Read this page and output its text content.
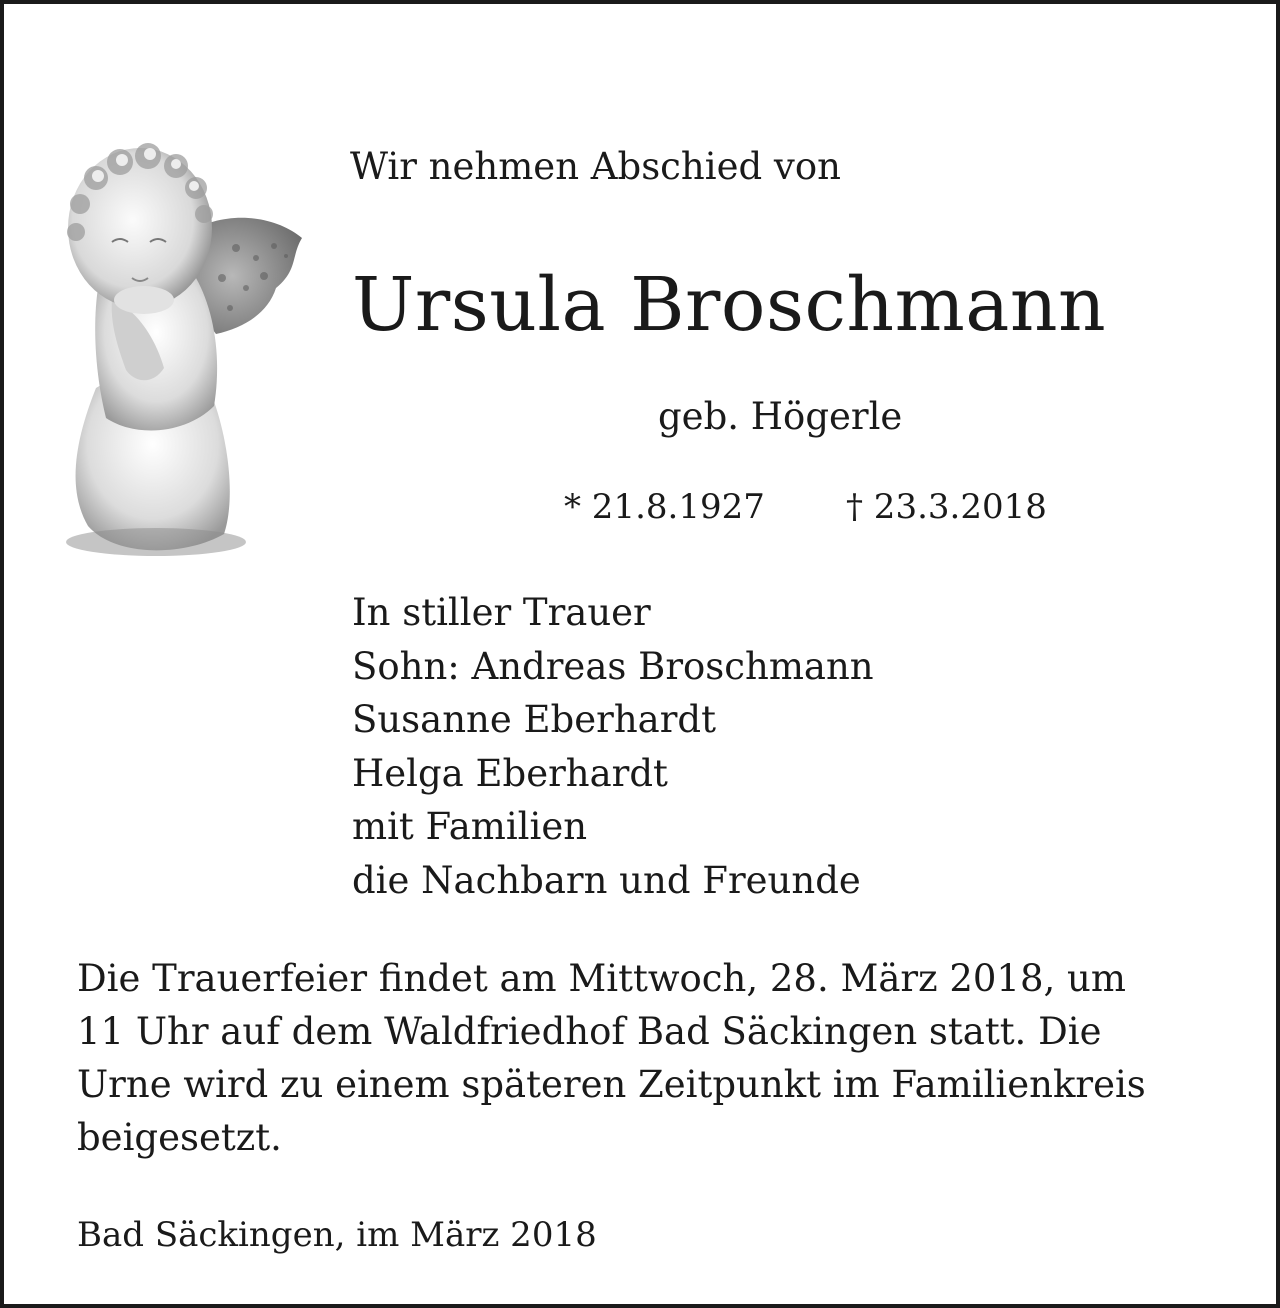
Wir nehmen Abschied von

Ursula Broschmann

geb. Högerle

* 21.8.1927 † 23.3.2018

In stiller Trauer
Sohn: Andreas Broschmann
Susanne Eberhardt
Helga Eberhardt
mit Familien
die Nachbarn und Freunde
Die Trauerfeier findet am Mittwoch, 28. März 2018, um
11 Uhr auf dem Waldfriedhof Bad Säckingen statt. Die
Urne wird zu einem späteren Zeitpunkt im Familienkreis
beigesetzt.

Bad Säckingen, im März 2018
